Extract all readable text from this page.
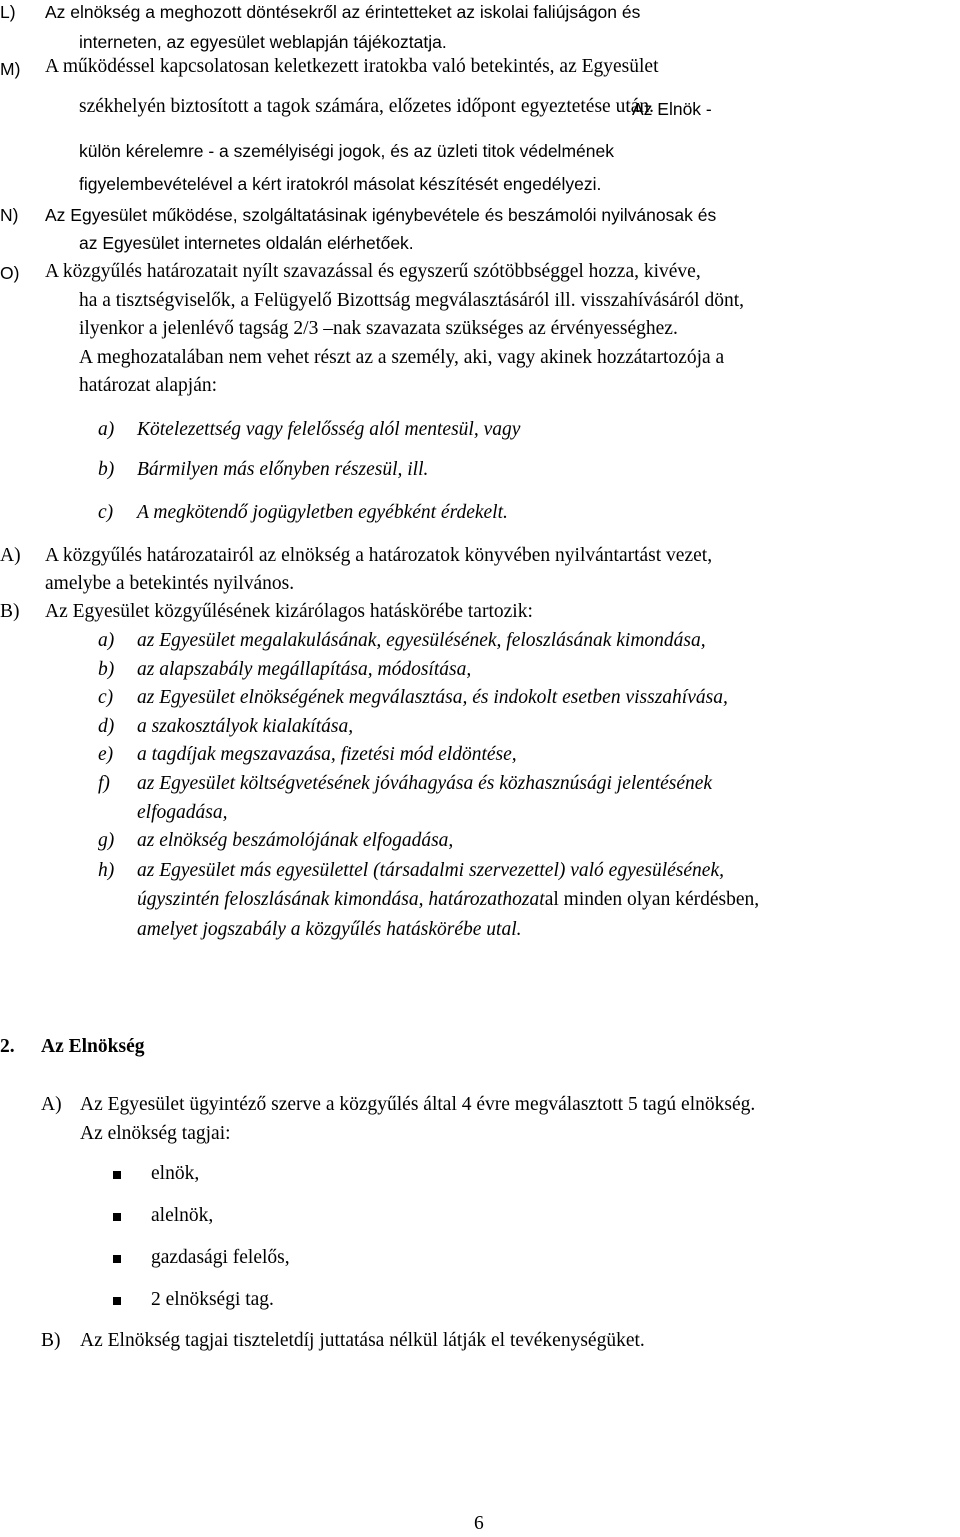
L) Az elnökség a meghozott döntésekről az érintetteket az iskolai faliújságon és
interneten, az egyesület weblapján tájékoztatja.
M) A működéssel kapcsolatosan keletkezett iratokba való betekintés, az Egyesület
székhelyén biztosított a tagok számára, előzetes időpont egyeztetése után.
Az Elnök -
külön kérelemre - a személyiségi jogok, és az üzleti titok védelmének
figyelembevételével a kért iratokról másolat készítését engedélyezi.
N) Az Egyesület működése, szolgáltatásinak igénybevétele és beszámolói nyilvánosak és
az Egyesület internetes oldalán elérhetőek.
O) A közgyűlés határozatait nyílt szavazással és egyszerű szótöbbséggel hozza, kivéve,
ha a tisztségviselők, a Felügyelő Bizottság megválasztásáról ill. visszahívásáról dönt,
ilyenkor a jelenlévő tagság 2/3 –nak szavazata szükséges az érvényességhez.
A meghozatalában nem vehet részt az a személy, aki, vagy akinek hozzátartozója a
határozat alapján:
a) Kötelezettség vagy felelősség alól mentesül, vagy
b) Bármilyen más előnyben részesül, ill.
c) A megkötendő jogügyletben egyébként érdekelt.
A) A közgyűlés határozatairól az elnökség a határozatok könyvében nyilvántartást vezet,
amelybe a betekintés nyilvános.
B) Az Egyesület közgyűlésének kizárólagos hatáskörébe tartozik:
a) az Egyesület megalakulásának, egyesülésének, feloszlásának kimondása,
b) az alapszabály megállapítása, módosítása,
c) az Egyesület elnökségének megválasztása, és indokolt esetben visszahívása,
d) a szakosztályok kialakítása,
e) a tagdíjak megszavazása, fizetési mód eldöntése,
f) az Egyesület költségvetésének jóváhagyása és közhasznúsági jelentésének
elfogadása,
g) az elnökség beszámolójának elfogadása,
h) az Egyesület más egyesülettel (társadalmi szervezettel) való egyesülésének,
úgyszintén feloszlásának kimondása, határozathozatal minden olyan kérdésben,
amelyet jogszabály a közgyűlés hatáskörébe utal.
2. Az Elnökség
A) Az Egyesület ügyintéző szerve a közgyűlés által 4 évre megválasztott 5 tagú elnökség.
Az elnökség tagjai:
elnök,
alelnök,
gazdasági felelős,
2 elnökségi tag.
B) Az Elnökség tagjai tiszteletdíj juttatása nélkül látják el tevékenységüket.
6
